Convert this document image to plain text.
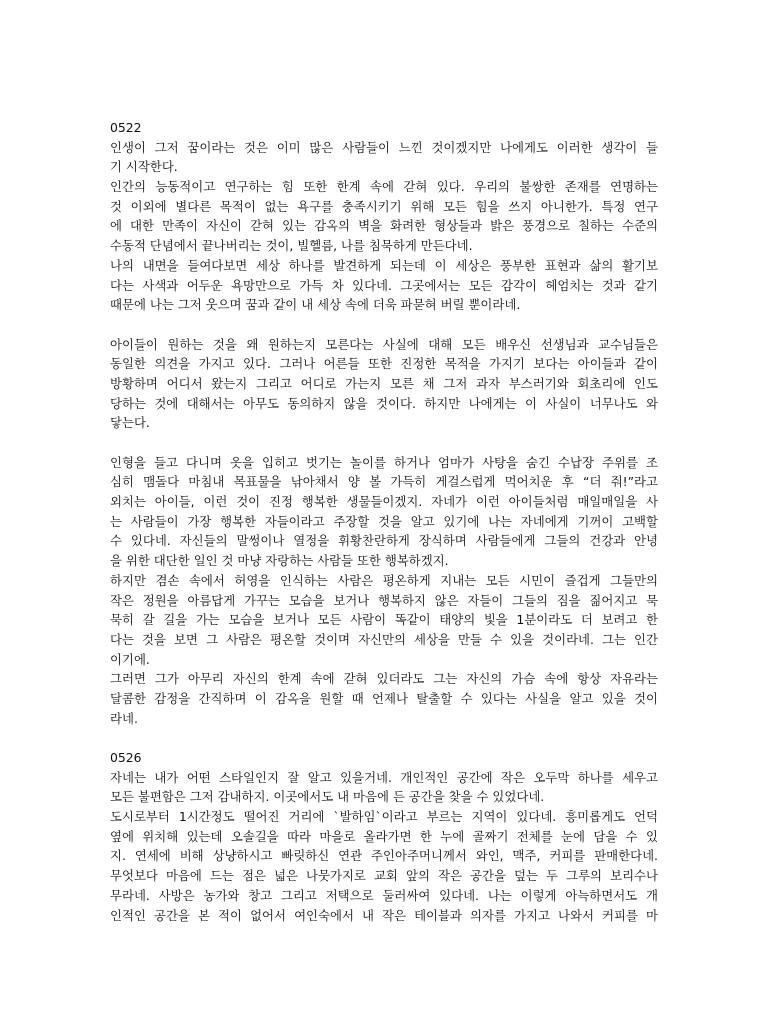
0522
인생이 그저 꿈이라는 것은 이미 많은 사람들이 느낀 것이겠지만 나에게도 이러한 생각이 들
기 시작한다.
인간의 능동적이고 연구하는 힘 또한 한계 속에 갇혀 있다. 우리의 불쌍한 존재를 연명하는
것 이외에 별다른 목적이 없는 욕구를 충족시키기 위해 모든 힘을 쓰지 아니한가. 특정 연구
에 대한 만족이 자신이 갇혀 있는 감옥의 벽을 화려한 형상들과 밝은 풍경으로 칠하는 수준의
수동적 단념에서 끝나버리는 것이, 빌헬름, 나를 침묵하게 만든다네.
나의 내면을 들여다보면 세상 하나를 발견하게 되는데 이 세상은 풍부한 표현과 삶의 활기보
다는 사색과 어두운 욕망만으로 가득 차 있다네. 그곳에서는 모든 감각이 헤엄치는 것과 같기
때문에 나는 그저 웃으며 꿈과 같이 내 세상 속에 더욱 파묻혀 버릴 뿐이라네.
아이들이 원하는 것을 왜 원하는지 모른다는 사실에 대해 모든 배우신 선생님과 교수님들은
동일한 의견을 가지고 있다. 그러나 어른들 또한 진정한 목적을 가지기 보다는 아이들과 같이
방황하며 어디서 왔는지 그리고 어디로 가는지 모른 채 그저 과자 부스러기와 회초리에 인도
당하는 것에 대해서는 아무도 동의하지 않을 것이다. 하지만 나에게는 이 사실이 너무나도 와
닿는다.
인형을 들고 다니며 옷을 입히고 벗기는 놀이를 하거나 엄마가 사탕을 숨긴 수납장 주위를 조
심히 맴돌다 마침내 목표물을 낚아채서 양 볼 가득히 게걸스럽게 먹어치운 후 “더 줘!”라고
외치는 아이들, 이런 것이 진정 행복한 생물들이겠지. 자네가 이런 아이들처럼 매일매일을 사
는 사람들이 가장 행복한 자들이라고 주장할 것을 알고 있기에 나는 자네에게 기꺼이 고백할
수 있다네. 자신들의 말썽이나 열정을 휘황찬란하게 장식하며 사람들에게 그들의 건강과 안녕
을 위한 대단한 일인 것 마냥 자랑하는 사람들 또한 행복하겠지.
하지만 겸손 속에서 허영을 인식하는 사람은 평온하게 지내는 모든 시민이 즐겁게 그들만의
작은 정원을 아름답게 가꾸는 모습을 보거나 행복하지 않은 자들이 그들의 짐을 짊어지고 묵
묵히 갈 길을 가는 모습을 보거나 모든 사람이 똑같이 태양의 빛을 1분이라도 더 보려고 한
다는 것을 보면 그 사람은 평온할 것이며 자신만의 세상을 만들 수 있을 것이라네. 그는 인간
이기에.
그러면 그가 아무리 자신의 한계 속에 갇혀 있더라도 그는 자신의 가슴 속에 항상 자유라는
달콤한 감정을 간직하며 이 감옥을 원할 때 언제나 탈출할 수 있다는 사실을 알고 있을 것이
라네.
0526
자네는 내가 어떤 스타일인지 잘 알고 있을거네. 개인적인 공간에 작은 오두막 하나를 세우고
모든 불편함은 그저 감내하지. 이곳에서도 내 마음에 든 공간을 찾을 수 있었다네.
도시로부터 1시간정도 떨어진 거리에 `발하임`이라고 부르는 지역이 있다네. 흥미롭게도 언덕
옆에 위치해 있는데 오솔길을 따라 마을로 올라가면 한 누에 골짜기 전체를 눈에 담을 수 있
지. 연세에 비해 상냥하시고 빠릿하신 연관 주인아주머니께서 와인, 맥주, 커피를 판매한다네.
무엇보다 마음에 드는 점은 넓은 나뭇가지로 교회 앞의 작은 공간을 덮는 두 그루의 보리수나
무라네. 사방은 농가와 창고 그리고 저택으로 둘러싸여 있다네. 나는 이렇게 아늑하면서도 개
인적인 공간을 본 적이 없어서 여인숙에서 내 작은 테이블과 의자를 가지고 나와서 커피를 마
